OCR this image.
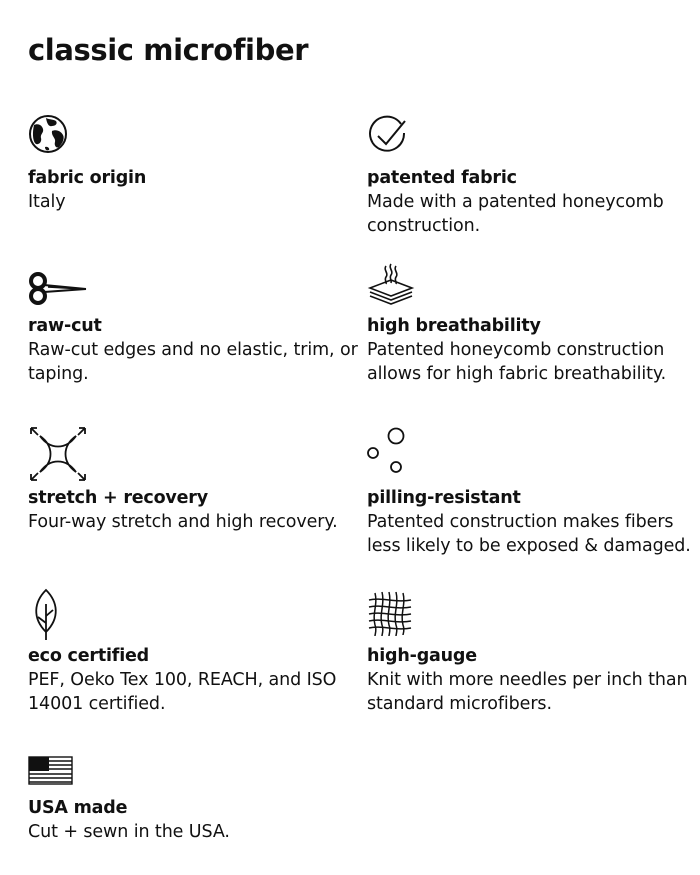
classic microfiber
fabric origin
Italy
patented fabric
Made with a patented honeycomb construction.
raw-cut
Raw-cut edges and no elastic, trim, or taping.
high breathability
Patented honeycomb construction allows for high fabric breathability.
stretch + recovery
Four-way stretch and high recovery.
pilling-resistant
Patented construction makes fibers less likely to be exposed & damaged.
eco certified
PEF, Oeko Tex 100, REACH, and ISO 14001 certified.
high-gauge
Knit with more needles per inch than standard microfibers.
USA made
Cut + sewn in the USA.
